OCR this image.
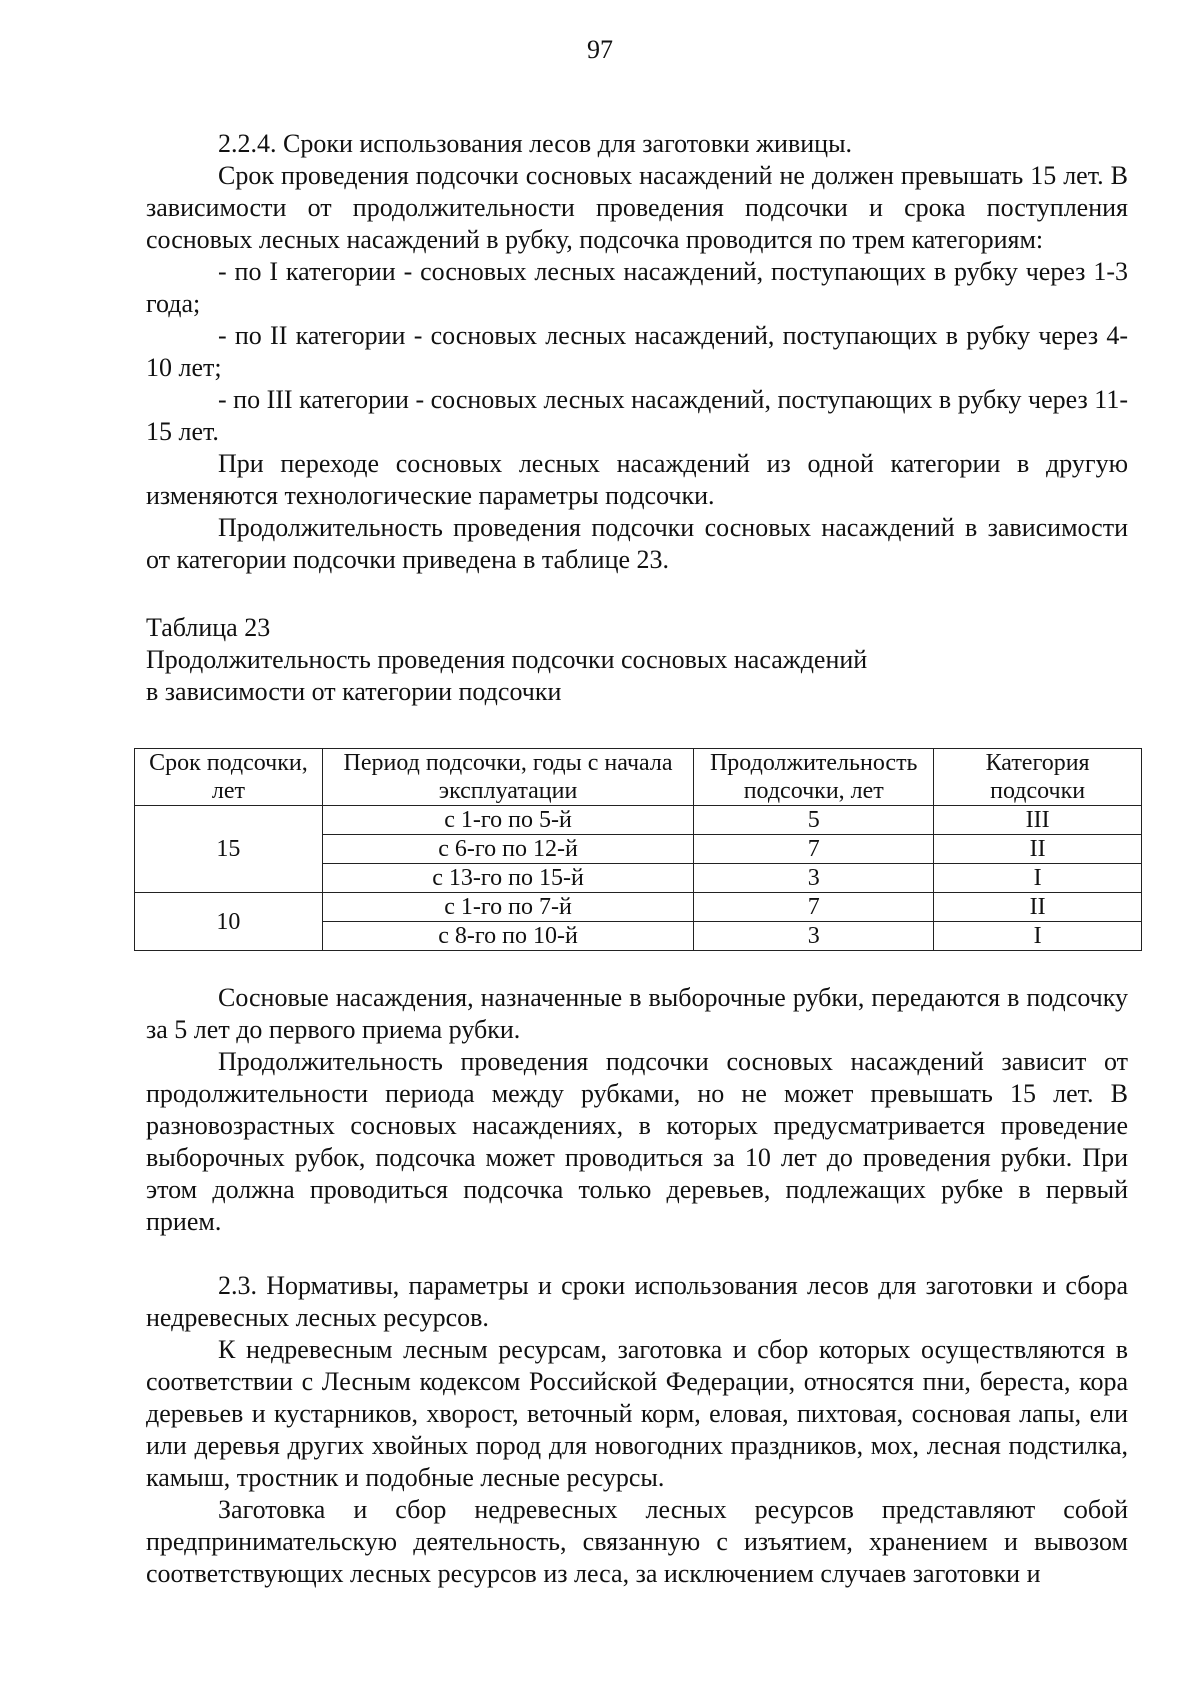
97

2.2.4. Сроки использования лесов для заготовки живицы.

Срок проведения подсочки сосновых насаждений не должен превышать 15 лет. В зависимости от продолжительности проведения подсочки и срока поступления сосновых лесных насаждений в рубку, подсочка проводится по трем категориям:

- по I категории - сосновых лесных насаждений, поступающих в рубку через 1-3 года;

- по II категории - сосновых лесных насаждений, поступающих в рубку через 4-10 лет;

- по III категории - сосновых лесных насаждений, поступающих в рубку через 11-15 лет.

При переходе сосновых лесных насаждений из одной категории в другую изменяются технологические параметры подсочки.

Продолжительность проведения подсочки сосновых насаждений в зависимости от категории подсочки приведена в таблице 23.

Таблица 23

Продолжительность проведения подсочки сосновых насаждений

в зависимости от категории подсочки

Срок подсочки, лет	Период подсочки, годы с начала эксплуатации	Продолжительность подсочки, лет	Категория подсочки
15	с 1-го по 5-й	5	III
	с 6-го по 12-й	7	II
	с 13-го по 15-й	3	I
10	с 1-го по 7-й	7	II
	с 8-го по 10-й	3	I

Сосновые насаждения, назначенные в выборочные рубки, передаются в подсочку за 5 лет до первого приема рубки.

Продолжительность проведения подсочки сосновых насаждений зависит от продолжительности периода между рубками, но не может превышать 15 лет. В разновозрастных сосновых насаждениях, в которых предусматривается проведение выборочных рубок, подсочка может проводиться за 10 лет до проведения рубки. При этом должна проводиться подсочка только деревьев, подлежащих рубке в первый прием.

2.3. Нормативы, параметры и сроки использования лесов для заготовки и сбора недревесных лесных ресурсов.

К недревесным лесным ресурсам, заготовка и сбор которых осуществляются в соответствии с Лесным кодексом Российской Федерации, относятся пни, береста, кора деревьев и кустарников, хворост, веточный корм, еловая, пихтовая, сосновая лапы, ели или деревья других хвойных пород для новогодних праздников, мох, лесная подстилка, камыш, тростник и подобные лесные ресурсы.

Заготовка и сбор недревесных лесных ресурсов представляют собой предпринимательскую деятельность, связанную с изъятием, хранением и вывозом соответствующих лесных ресурсов из леса, за исключением случаев заготовки и
